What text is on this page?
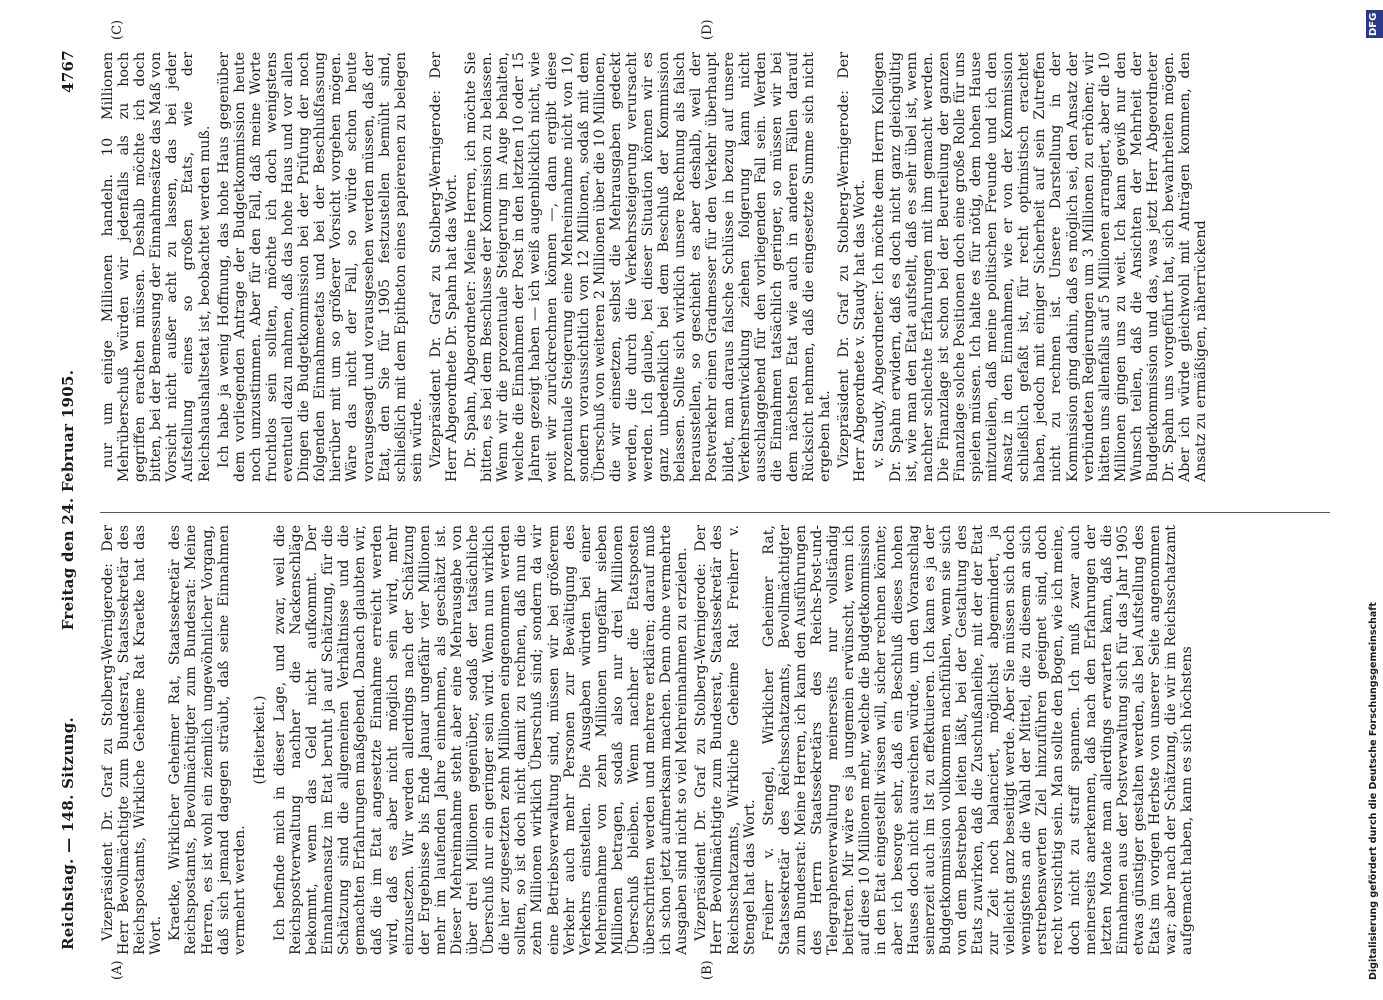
Reichstag. — 148. Sitzung.
Freitag den 24. Februar 1905.
4767
(A)	(B)
(C)	(D)

Vizepräsident Dr. Graf zu Stolberg-Wernigerode: Der Herr Bevollmächtigte zum Bundesrat, Staatssekretär des Reichspostamts, Wirkliche Geheime Rat Kraetke hat das Wort. Kraetke, Wirklicher Geheimer Rat, Staatssekretär des Reichspostamts, Bevollmächtigter zum Bundesrat: Meine Herren, es ist wohl ein ziemlich ungewöhnlicher Vorgang, daß sich jemand dagegen sträubt, daß seine Einnahmen vermehrt werden.

(Heiterkeit.) Ich befinde mich in dieser Lage, und zwar, weil die Reichspostverwaltung nachher die Nackenschläge bekommt, wenn das Geld nicht aufkommt. Der Einnahmeansatz im Etat beruht ja auf Schätzung, für die Schätzung sind die allgemeinen Verhältnisse und die gemachten Erfahrungen maßgebend. Danach glaubten wir, daß die im Etat angesetzte Einnahme erreicht werden wird, daß es aber nicht möglich sein wird, mehr einzusetzen. Wir werden allerdings nach der Schätzung der Ergebnisse bis Ende Januar ungefähr vier Millionen mehr im laufenden Jahre einnehmen, als geschätzt ist. Dieser Mehreinnahme steht aber eine Mehrausgabe von über drei Millionen gegenüber, sodaß der tatsächliche Überschuß nur ein geringer sein wird. Wenn nun wirklich die hier zugesetzten zehn Millionen eingenommen werden sollten, so ist doch nicht damit zu rechnen, daß nun die zehn Millionen wirklich Überschuß sind; sondern da wir eine Betriebsverwaltung sind, müssen wir bei größerem Verkehr auch mehr Personen zur Bewältigung des Verkehrs einstellen. Die Ausgaben würden bei einer Mehreinnahme von zehn Millionen ungefähr sieben Millionen betragen, sodaß also nur drei Millionen Überschuß bleiben. Wenn nachher die Etatsposten überschritten werden und mehrere erklären; darauf muß ich schon jetzt aufmerksam machen. Denn ohne vermehrte Ausgaben sind nicht so viel Mehreinnahmen zu erzielen. Vizepräsident Dr. Graf zu Stolberg-Wernigerode: Der Herr Bevollmächtigte zum Bundesrat, Staatssekretär des Reichsschatzamts, Wirkliche Geheime Rat Freiherr v. Stengel hat das Wort. Freiherr v. Stengel, Wirklicher Geheimer Rat, Staatssekretär des Reichsschatzamts, Bevollmächtigter zum Bundesrat: Meine Herren, ich kann den Ausführungen des Herrn Staatssekretärs des Reichs-Post-und-Telegraphenverwaltung meinerseits nur vollständig beitreten. Mir wäre es ja ungemein erwünscht, wenn ich auf diese 10 Millionen mehr, welche die Budgetkommission in den Etat eingestellt wissen will, sicher rechnen könnte; aber ich besorge sehr, daß ein Beschluß dieses hohen Hauses doch nicht ausreichen würde, um den Voranschlag seinerzeit auch im Ist zu effektuieren. Ich kann es ja der Budgetkommission vollkommen nachfühlen, wenn sie sich von dem Bestreben leiten läßt, bei der Gestaltung des Etats zuwirken, daß die Zuschußanleihe, mit der der Etat zur Zeit noch balanciert, möglichst abgemindert, ja vielleicht ganz beseitigt werde. Aber Sie müssen sich doch wenigstens an die Wahl der Mittel, die zu diesem an sich erstrebenswerten Ziel hinzuführen geeignet sind, doch recht vorsichtig sein. Man sollte den Bogen, wie ich meine, doch nicht zu straff spannen. Ich muß zwar auch meinerseits anerkennen, daß nach den Erfahrungen der letzten Monate man allerdings erwarten kann, daß die Einnahmen aus der Postverwaltung sich für das Jahr 1905 etwas günstiger gestalten werden, als bei Aufstellung des Etats im vorigen Herbste von unserer Seite angenommen war; aber nach der Schätzung, die wir im Reichsschatzamt aufgemacht haben, kann es sich höchstens

nur um einige Millionen handeln. 10 Millionen Mehrüberschuß würden wir jedenfalls als zu hoch gegriffen erachten müssen. Deshalb möchte ich doch bitten, bei der Bemessung der Einnahmesätze das Maß von Vorsicht nicht außer acht zu lassen, das bei jeder Aufstellung eines so großen Etats, wie der Reichshaushaltsetat ist, beobachtet werden muß. Ich habe ja wenig Hoffnung, das hohe Haus gegenüber dem vorliegenden Antrage der Budgetkommission heute noch umzustimmen. Aber für den Fall, daß meine Worte fruchtlos sein sollten, möchte ich doch wenigstens eventuell dazu mahnen, daß das hohe Haus und vor allen Dingen die Budgetkommission bei der Prüfung der noch folgenden Einnahmeetats und bei der Beschlußfassung hierüber mit um so größerer Vorsicht vorgehen mögen. Wäre das nicht der Fall, so würde schon heute vorausgesagt und vorausgesehen werden müssen, daß der Etat, den Sie für 1905 festzustellen bemüht sind, schließlich mit dem Epitheton eines papierenen zu belegen sein würde. Vizepräsident Dr. Graf zu Stolberg-Wernigerode: Der Herr Abgeordnete Dr. Spahn hat das Wort. Dr. Spahn, Abgeordneter: Meine Herren, ich möchte Sie bitten, es bei dem Beschlusse der Kommission zu belassen. Wenn wir die prozentuale Steigerung im Auge behalten, welche die Einnahmen der Post in den letzten 10 oder 15 Jahren gezeigt haben — ich weiß augenblicklich nicht, wie weit wir zurückrechnen können —, dann ergibt diese prozentuale Steigerung eine Mehreinnahme nicht von 10, sondern voraussichtlich von 12 Millionen, sodaß mit dem Überschuß von weiteren 2 Millionen über die 10 Millionen, die wir einsetzen, selbst die Mehrausgaben gedeckt werden, die durch die Verkehrssteigerung verursacht werden. Ich glaube, bei dieser Situation können wir es ganz unbedenklich bei dem Beschluß der Kommission belassen. Sollte sich wirklich unsere Rechnung als falsch herausstellen, so geschieht es aber deshalb, weil der Postverkehr einen Gradmesser für den Verkehr überhaupt bildet, man daraus falsche Schlüsse in bezug auf unsere Verkehrsentwicklung ziehen folgerung kann nicht ausschlaggebend für den vorliegenden Fall sein. Werden die Einnahmen tatsächlich geringer, so müssen wir bei dem nächsten Etat wie auch in anderen Fällen darauf Rücksicht nehmen, daß die eingesetzte Summe sich nicht ergeben hat. Vizepräsident Dr. Graf zu Stolberg-Wernigerode: Der Herr Abgeordnete v. Staudy hat das Wort. v. Staudy, Abgeordneter: Ich möchte dem Herrn Kollegen Dr. Spahn erwidern, daß es doch nicht ganz gleichgültig ist, wie man den Etat aufstellt, daß es sehr übel ist, wenn nachher schlechte Erfahrungen mit ihm gemacht werden. Die Finanzlage ist schon bei der Beurteilung der ganzen Finanzlage solche Positionen doch eine große Rolle für uns spielen müssen. Ich halte es für nötig, dem hohen Hause mitzuteilen, daß meine politischen Freunde und ich den Ansatz in den Einnahmen, wie er von der Kommission schließlich gefaßt ist, für recht optimistisch erachtet haben, jedoch mit einiger Sicherheit auf sein Zutreffen nicht zu rechnen ist. Unsere Darstellung in der Kommission ging dahin, daß es möglich sei, den Ansatz der verbündeten Regierungen um 3 Millionen zu erhöhen; wir hätten uns allenfalls auf 5 Millionen arrangiert, aber die 10 Millionen gingen uns zu weit. Ich kann gewiß nur den Wunsch teilen, daß die Ansichten der Mehrheit der Budgetkommission und das, was jetzt Herr Abgeordneter Dr. Spahn uns vorgeführt hat, sich bewahrheiten mögen. Aber ich würde gleichwohl mit Anträgen kommen, den Ansatz zu ermäßigen, näherrückend

Digitalisierung gefördert durch die Deutsche Forschungsgemeinschaft
DFG
